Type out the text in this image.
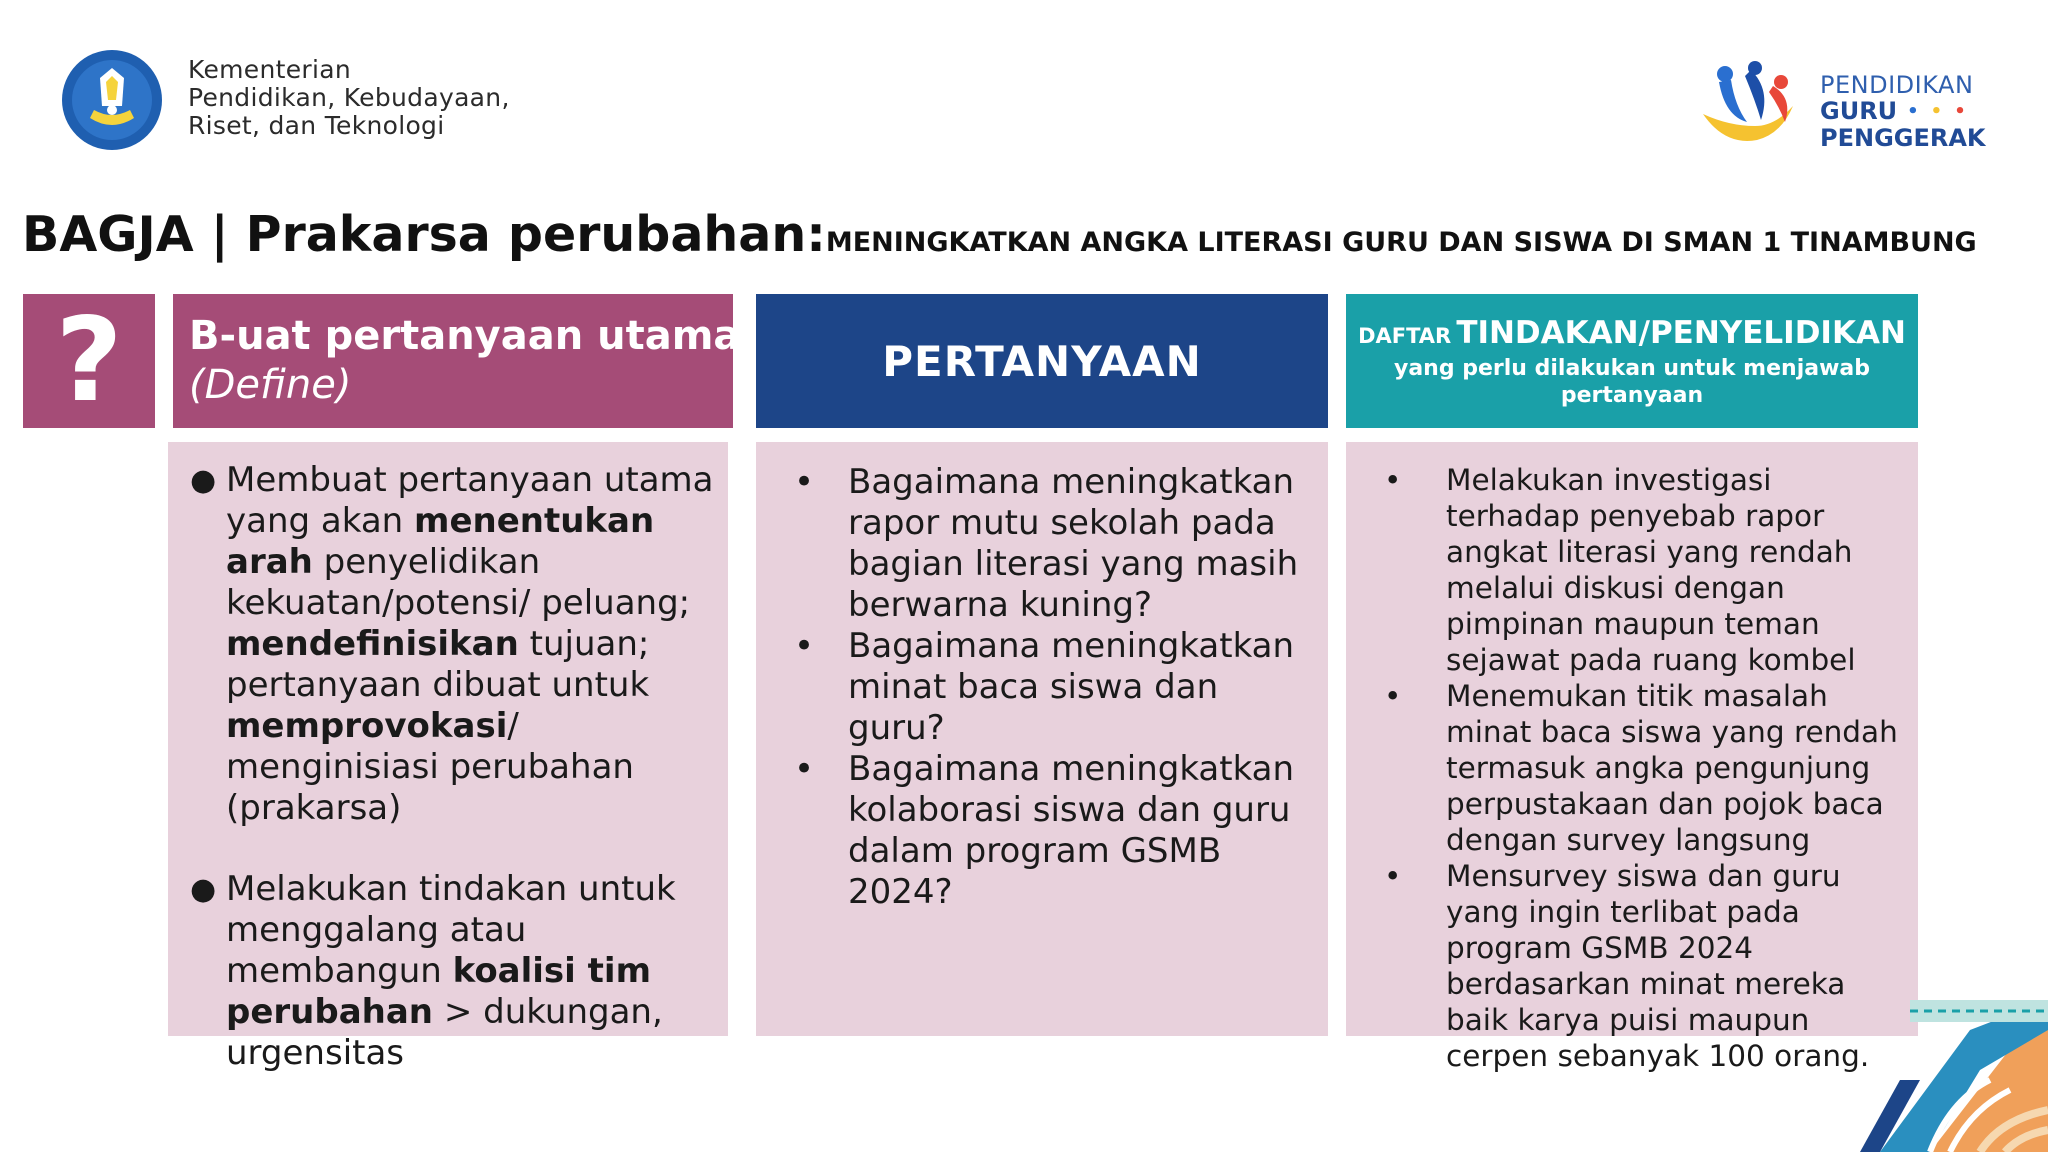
Kementerian
Pendidikan, Kebudayaan,
Riset, dan Teknologi
PENDIDIKAN
GURU •••
PENGGERAK
BAGJA | Prakarsa perubahan:MENINGKATKAN ANGKA LITERASI GURU DAN SISWA DI SMAN 1 TINAMBUNG
? B-uat pertanyaan utama
(Define)	PERTANYAAN
DAFTAR TINDAKAN/PENYELIDIKAN
yang perlu dilakukan untuk menjawab pertanyaan
● Membuat pertanyaan utama yang akan menentukan arah penyelidikan kekuatan/potensi/ peluang; mendefinisikan tujuan; pertanyaan dibuat untuk memprovokasi/ menginisiasi perubahan (prakarsa)
● Melakukan tindakan untuk menggalang atau membangun koalisi tim perubahan > dukungan, urgensitas
• Bagaimana meningkatkan rapor mutu sekolah pada bagian literasi yang masih berwarna kuning?
• Bagaimana meningkatkan minat baca siswa dan guru?
• Bagaimana meningkatkan kolaborasi siswa dan guru dalam program GSMB 2024?
• Melakukan investigasi terhadap penyebab rapor angkat literasi yang rendah melalui diskusi dengan pimpinan maupun teman sejawat pada ruang kombel
• Menemukan titik masalah minat baca siswa yang rendah termasuk angka pengunjung perpustakaan dan pojok baca dengan survey langsung
• Mensurvey siswa dan guru yang ingin terlibat pada program GSMB 2024 berdasarkan minat mereka baik karya puisi maupun cerpen sebanyak 100 orang.
